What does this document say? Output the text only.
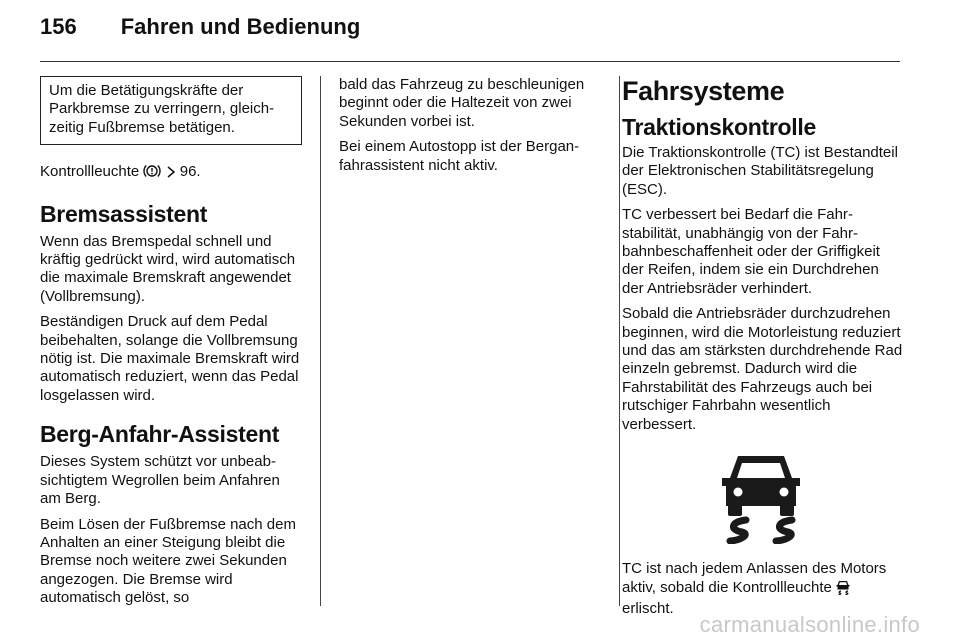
156 Fahren und Bedienung

Um die Betätigungskräfte der Parkbremse zu verringern, gleichzeitig Fußbremse betätigen.

Kontrollleuchte	96.

Bremsassistent

Wenn das Bremspedal schnell und kräftig gedrückt wird, wird automatisch die maximale Bremskraft angewendet (Vollbremsung).

Beständigen Druck auf dem Pedal beibehalten, solange die Vollbremsung nötig ist. Die maximale Bremskraft wird automatisch reduziert, wenn das Pedal losgelassen wird.

Berg-Anfahr-Assistent

Dieses System schützt vor unbeabsichtigtem Wegrollen beim Anfahren am Berg.

Beim Lösen der Fußbremse nach dem Anhalten an einer Steigung bleibt die Bremse noch weitere zwei Sekunden angezogen. Die Bremse wird automatisch gelöst, so

bald das Fahrzeug zu beschleunigen beginnt oder die Haltezeit von zwei Sekunden vorbei ist.

Bei einem Autostopp ist der Berganfahrassistent nicht aktiv.

Fahrsysteme
Traktionskontrolle

Die Traktionskontrolle (TC) ist Bestandteil der Elektronischen Stabilitätsregelung (ESC).

TC verbessert bei Bedarf die Fahrstabilität, unabhängig von der Fahrbahnbeschaffenheit oder der Griffigkeit der Reifen, indem sie ein Durchdrehen der Antriebsräder verhindert.

Sobald die Antriebsräder durchzudrehen beginnen, wird die Motorleistung reduziert und das am stärksten durchdrehende Rad einzeln gebremst. Dadurch wird die Fahrstabilität des Fahrzeugs auch bei rutschiger Fahrbahn wesentlich verbessert.

TC ist nach jedem Anlassen des Motors aktiv, sobald die Kontrollleuchte  erlischt.

carmanualsonline.info
